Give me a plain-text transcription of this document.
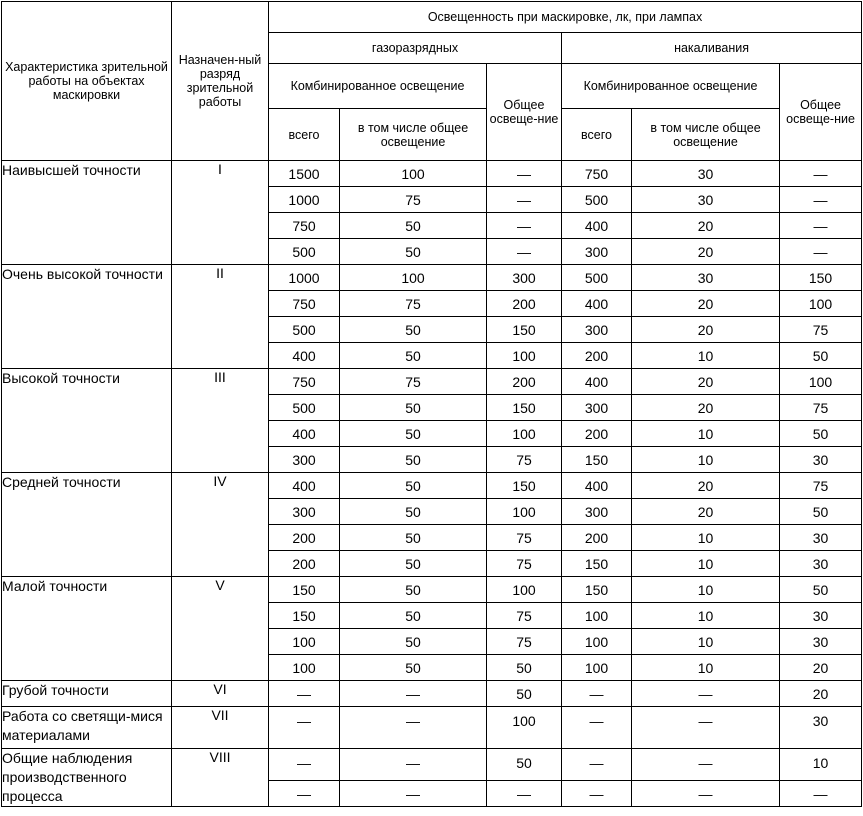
Характеристика зрительной работы на объектах маскировки	Назначен-ный разряд зрительной работы	Освещенность при маскировке, лк, при лампах					
		газоразрядных			накаливания		
		Комбинированное освещение		Общее освеще-ние	Комбинированное освещение		Общее освеще-ние
		всего	в том числе общее освещение		всего	в том числе общее освещение	
Наивысшей точности	I	1500	100	—	750	30	—
		1000	75	—	500	30	—
		750	50	—	400	20	—
		500	50	—	300	20	—
Очень высокой точности	II	1000	100	300	500	30	150
		750	75	200	400	20	100
		500	50	150	300	20	75
		400	50	100	200	10	50
Высокой точности	III	750	75	200	400	20	100
		500	50	150	300	20	75
		400	50	100	200	10	50
		300	50	75	150	10	30
Средней точности	IV	400	50	150	400	20	75
		300	50	100	300	20	50
		200	50	75	200	10	30
		200	50	75	150	10	30
Малой точности	V	150	50	100	150	10	50
		150	50	75	100	10	30
		100	50	75	100	10	30
		100	50	50	100	10	20
Грубой точности	VI	—	—	50	—	—	20
Работа со светящи-мися материалами	VII	—	—	100	—	—	30
Общие наблюдения производственного процесса	VIII	—	—	50	—	—	10
		—	—	—	—	—	—
